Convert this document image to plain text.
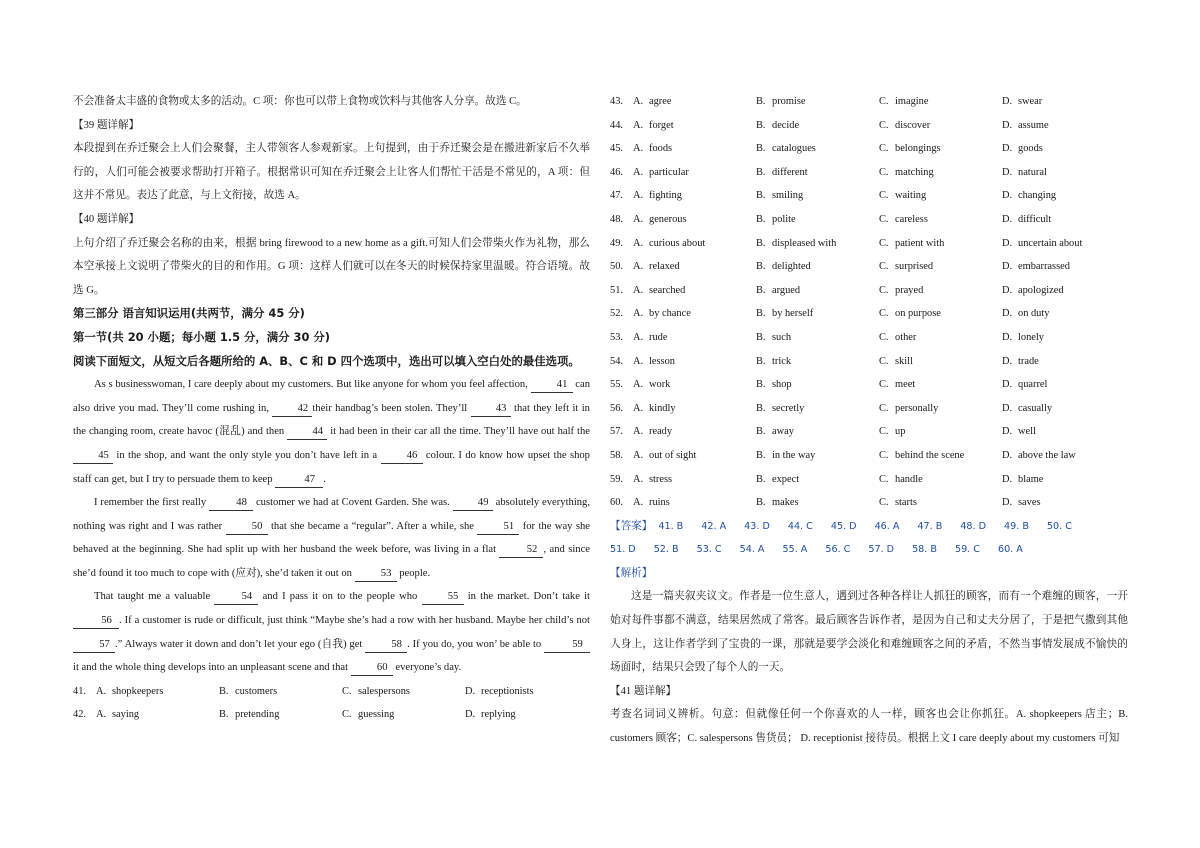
不会准备太丰盛的食物或太多的活动。C 项：你也可以带上食物或饮料与其他客人分享。故选 C。

【39 题详解】

本段提到在乔迁聚会上人们会聚餐，主人带领客人参观新家。上句提到，由于乔迁聚会是在搬进新家后不久举行的，人们可能会被要求帮助打开箱子。根据常识可知在乔迁聚会上让客人们帮忙干活是不常见的，A 项：但这并不常见。表达了此意，与上文衔接，故选 A。

【40 题详解】

上句介绍了乔迁聚会名称的由来，根据 bring firewood to a new home as a gift.可知人们会带柴火作为礼物，那么本空承接上文说明了带柴火的目的和作用。G 项：这样人们就可以在冬天的时候保持家里温暖。符合语境。故选 G。

第三部分 语言知识运用(共两节，满分 45 分)

第一节(共 20 小题；每小题 1.5 分，满分 30 分)

阅读下面短文，从短文后各题所给的 A、B、C 和 D 四个选项中，选出可以填入空白处的最佳选项。

As s businesswoman, I care deeply about my customers. But like anyone for whom you feel affection, 41 can also drive you mad. They’ll come rushing in, 42 their handbag’s been stolen. They’ll 43 that they left it in the changing room, create havoc (混乱) and then 44 it had been in their car all the time. They’ll have out half the 45 in the shop, and want the only style you don’t have left in a 46 colour. I do know how upset the shop staff can get, but I try to persuade them to keep	47 .

I remember the first really	48 customer we had at Covent Garden. She was. 49 absolutely everything, nothing was right and I was rather 50 that she became a “regular”. After a while, she 51 for the way she behaved at the beginning. She had split up with her husband the week before, was living in a flat	52 , and since she’d found it too much to cope with (应对), she’d taken it out on 53 people.

That taught me a valuable	54 and I pass it on to the people who 55 in the market. Don’t take it 56 . If a customer is rude or difficult, just think “Maybe she’s had a row with her husband. Maybe her child’s not 57 .” Always water it down and don’t let your ego (自我) get 58 . If you do, you won’ be able to	59 it and the whole thing develops into an unpleasant scene and that 60 everyone’s day.

41. A. shopkeepers	B. customers	C. salespersons	D. receptionists
42. A. saying	B. pretending	C. guessing	D. replying
43. A. agree	B. promise	C. imagine	D. swear
44. A. forget	B. decide	C. discover	D. assume
45. A. foods	B. catalogues	C. belongings	D. goods
46. A. particular	B. different	C. matching	D. natural
47. A. fighting	B. smiling	C. waiting	D. changing
48. A. generous	B. polite	C. careless	D. difficult
49. A. curious about	B. displeased with	C. patient with	D. uncertain about
50. A. relaxed	B. delighted	C. surprised	D. embarrassed
51. A. searched	B. argued	C. prayed	D. apologized
52. A. by chance	B. by herself	C. on purpose	D. on duty
53. A. rude	B. such	C. other	D. lonely
54. A. lesson	B. trick	C. skill	D. trade
55. A. work	B. shop	C. meet	D. quarrel
56. A. kindly	B. secretly	C. personally	D. casually
57. A. ready	B. away	C. up	D. well
58. A. out of sight	B. in the way	C. behind the scene	D. above the law
59. A. stress	B. expect	C. handle	D. blame
60. A. ruins	B. makes	C. starts	D. saves
【答案】 41. B 42. A 43. D 44. C 45. D 46. A 47. B 48. D 49. B 50. C
51. D 52. B 53. C 54. A 55. A 56. C 57. D 58. B 59. C 60. A

【解析】

这是一篇夹叙夹议文。作者是一位生意人，遇到过各种各样让人抓狂的顾客，而有一个难缠的顾客，一开始对每件事都不满意，结果居然成了常客。最后顾客告诉作者，是因为自己和丈夫分居了，于是把气撒到其他人身上，这让作者学到了宝贵的一课，那就是要学会淡化和难缠顾客之间的矛盾，不然当事情发展成不愉快的场面时，结果只会毁了每个人的一天。

【41 题详解】

考查名词词义辨析。句意：但就像任何一个你喜欢的人一样，顾客也会让你抓狂。A. shopkeepers 店主；B. customers 顾客；C. salespersons 售货员； D. receptionist 接待员。根据上文 I care deeply about my customers 可知
